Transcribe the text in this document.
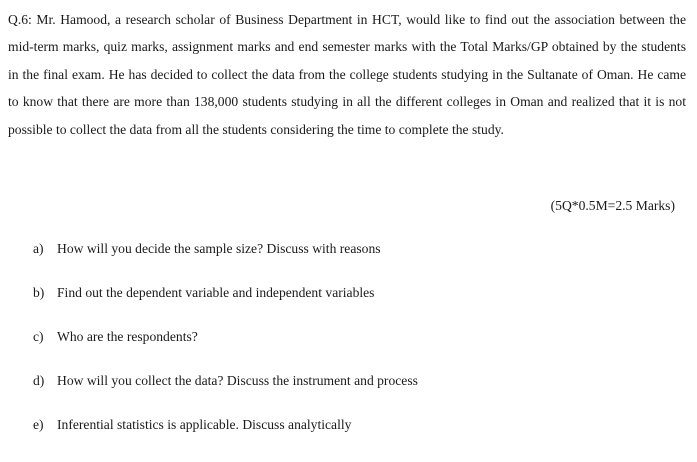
Q.6: Mr. Hamood, a research scholar of Business Department in HCT, would like to find out the association between the mid-term marks, quiz marks, assignment marks and end semester marks with the Total Marks/GP obtained by the students in the final exam. He has decided to collect the data from the college students studying in the Sultanate of Oman. He came to know that there are more than 138,000 students studying in all the different colleges in Oman and realized that it is not possible to collect the data from all the students considering the time to complete the study.

(5Q*0.5M=2.5 Marks)
a) How will you decide the sample size? Discuss with reasons
b) Find out the dependent variable and independent variables
c) Who are the respondents?
d) How will you collect the data? Discuss the instrument and process
e) Inferential statistics is applicable. Discuss analytically
